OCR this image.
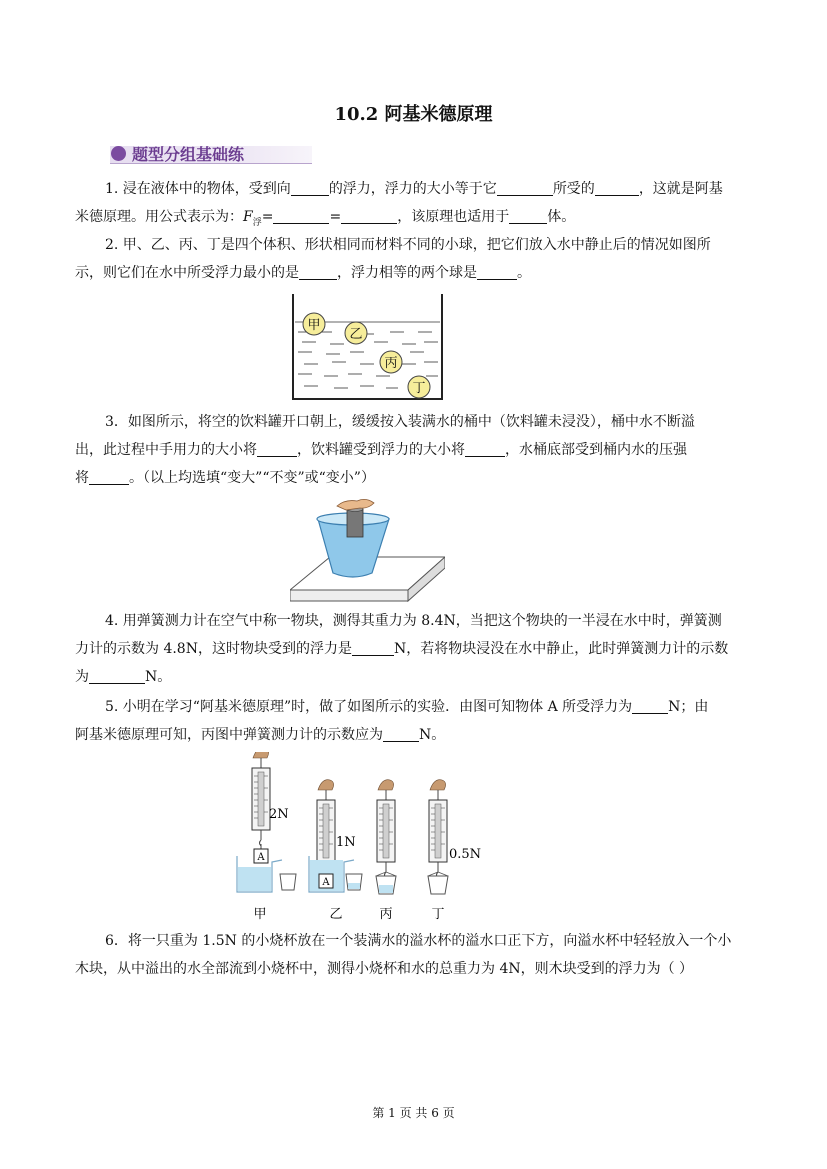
10.2 阿基米德原理
题型分组基础练
1. 浸在液体中的物体，受到向	的浮力，浮力的大小等于它	所受的	，这就是阿基
米德原理。用公式表示为：$F_浮=$	=	，该原理也适用于	体。
2. 甲、乙、丙、丁是四个体积、形状相同而材料不同的小球，把它们放入水中静止后的情况如图所
示，则它们在水中所受浮力最小的是	，浮力相等的两个球是	。
甲
乙
丙
丁
3．如图所示，将空的饮料罐开口朝上，缓缓按入装满水的桶中（饮料罐未浸没），桶中水不断溢
出，此过程中手用力的大小将	，饮料罐受到浮力的大小将	，水桶底部受到桶内水的压强
将	。（以上均选填“变大”“不变”或“变小”）
4. 用弹簧测力计在空气中称一物块，测得其重力为 8.4N，当把这个物块的一半浸在水中时，弹簧测
力计的示数为 4.8N，这时物块受到的浮力是	N，若将物块浸没在水中静止，此时弹簧测力计的示数
为	N。
5. 小明在学习“阿基米德原理”时，做了如图所示的实验．由图可知物体 A 所受浮力为	N；由
阿基米德原理可知，丙图中弹簧测力计的示数应为	N。
2N
A
甲
1N
A
乙	丙
0.5N
丁
6．将一只重为 1.5N 的小烧杯放在一个装满水的溢水杯的溢水口正下方，向溢水杯中轻轻放入一个小
木块，从中溢出的水全部流到小烧杯中，测得小烧杯和水的总重力为 4N，则木块受到的浮力为（ ）
第 1 页 共 6 页
